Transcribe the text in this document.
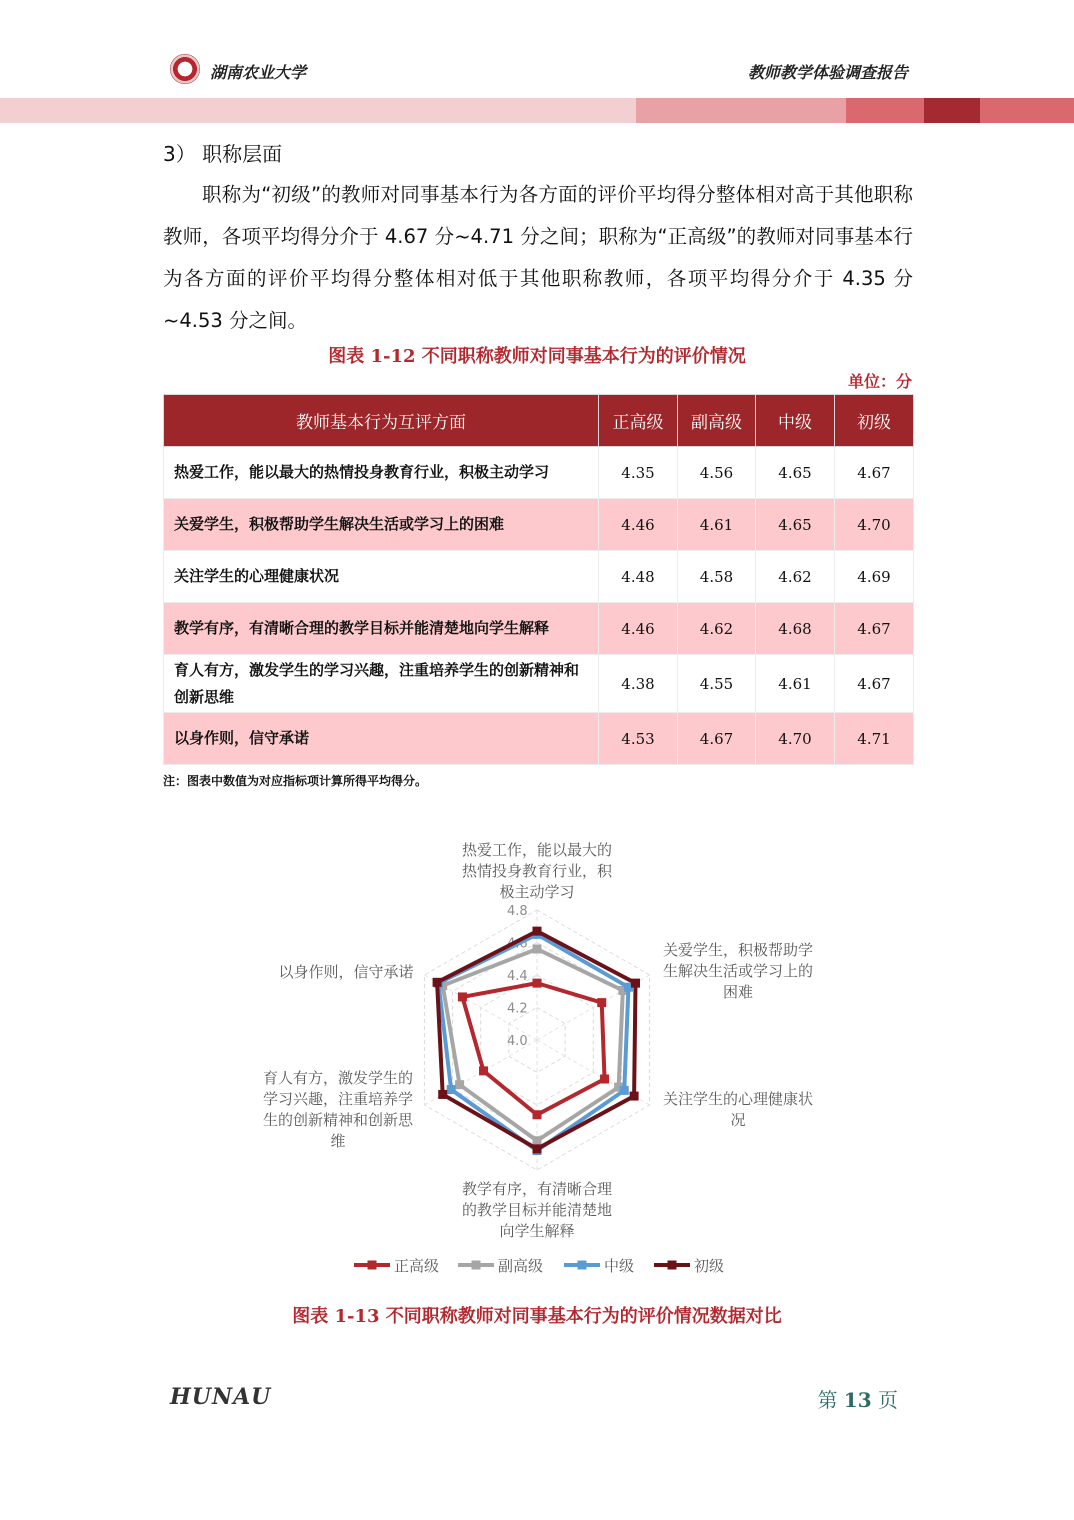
湖南农业大学	教师教学体验调查报告
3） 职称层面
职称为“初级”的教师对同事基本行为各方面的评价平均得分整体相对高于其他职称教师，各项平均得分介于 4.67 分~4.71 分之间；职称为“正高级”的教师对同事基本行为各方面的评价平均得分整体相对低于其他职称教师，各项平均得分介于 4.35 分~4.53 分之间。
图表 1-12 不同职称教师对同事基本行为的评价情况
单位：分
教师基本行为互评方面	正高级	副高级	中级	初级
热爱工作，能以最大的热情投身教育行业，积极主动学习	4.35	4.56	4.65	4.67
关爱学生，积极帮助学生解决生活或学习上的困难	4.46	4.61	4.65	4.70
关注学生的心理健康状况	4.48	4.58	4.62	4.69
教学有序，有清晰合理的教学目标并能清楚地向学生解释	4.46	4.62	4.68	4.67
育人有方，激发学生的学习兴趣，注重培养学生的创新精神和创新思维	4.38	4.55	4.61	4.67
以身作则，信守承诺	4.53	4.67	4.70	4.71
注：图表中数值为对应指标项计算所得平均得分。
4.0
4.2
4.4
4.6
4.8
热爱工作，能以最大的
热情投身教育行业，积
极主动学习
关爱学生，积极帮助学
生解决生活或学习上的
困难
关注学生的心理健康状
况
教学有序，有清晰合理
的教学目标并能清楚地
向学生解释
育人有方，激发学生的
学习兴趣，注重培养学
生的创新精神和创新思
维
以身作则，信守承诺
正高级	副高级	中级	初级
图表 1-13 不同职称教师对同事基本行为的评价情况数据对比
HUNAU	第 13 页
